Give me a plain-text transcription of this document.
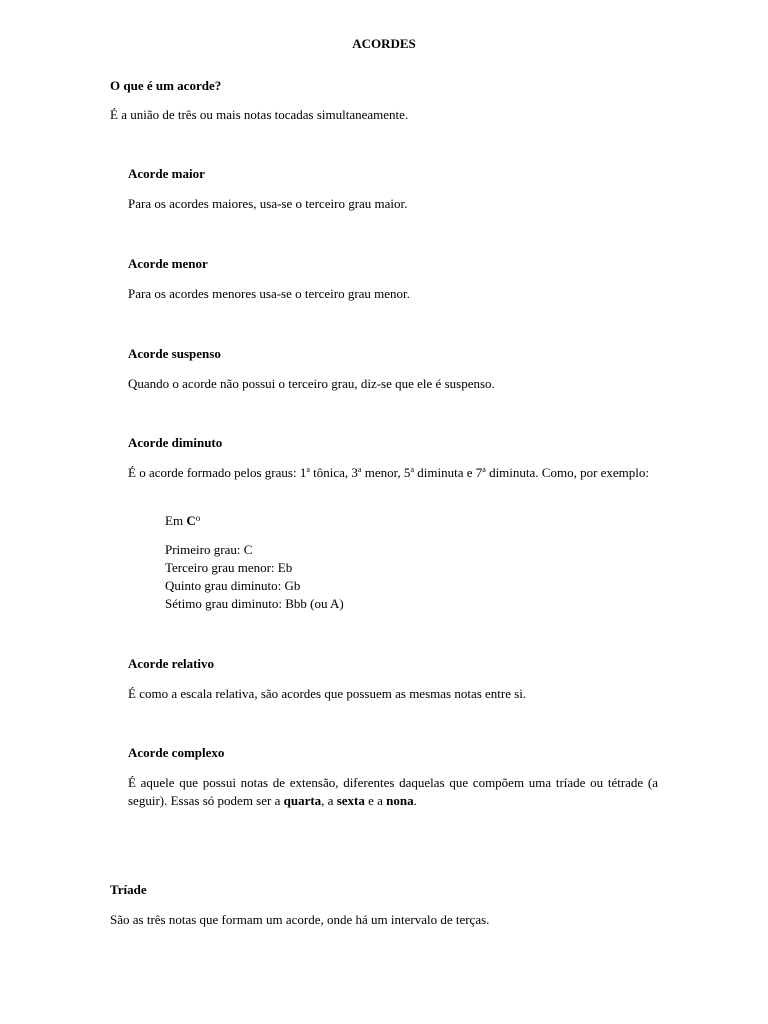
ACORDES

O que é um acorde?

É a união de três ou mais notas tocadas simultaneamente.

Acorde maior

Para os acordes maiores, usa-se o terceiro grau maior.

Acorde menor

Para os acordes menores usa-se o terceiro grau menor.

Acorde suspenso

Quando o acorde não possui o terceiro grau, diz-se que ele é suspenso.

Acorde diminuto

É o acorde formado pelos graus: 1$^a$ tônica, 3$^a$ menor, 5$^a$ diminuta e 7$^a$ diminuta. Como, por exemplo:

Em $C^o$

Primeiro grau: C
Terceiro grau menor: Eb
Quinto grau diminuto: Gb
Sétimo grau diminuto: Bbb (ou A)

Acorde relativo

É como a escala relativa, são acordes que possuem as mesmas notas entre si.

Acorde complexo

É aquele que possui notas de extensão, diferentes daquelas que compõem uma tríade ou tétrade (a seguir). Essas só podem ser a quarta, a sexta e a nona.

Tríade

São as três notas que formam um acorde, onde há um intervalo de terças.
